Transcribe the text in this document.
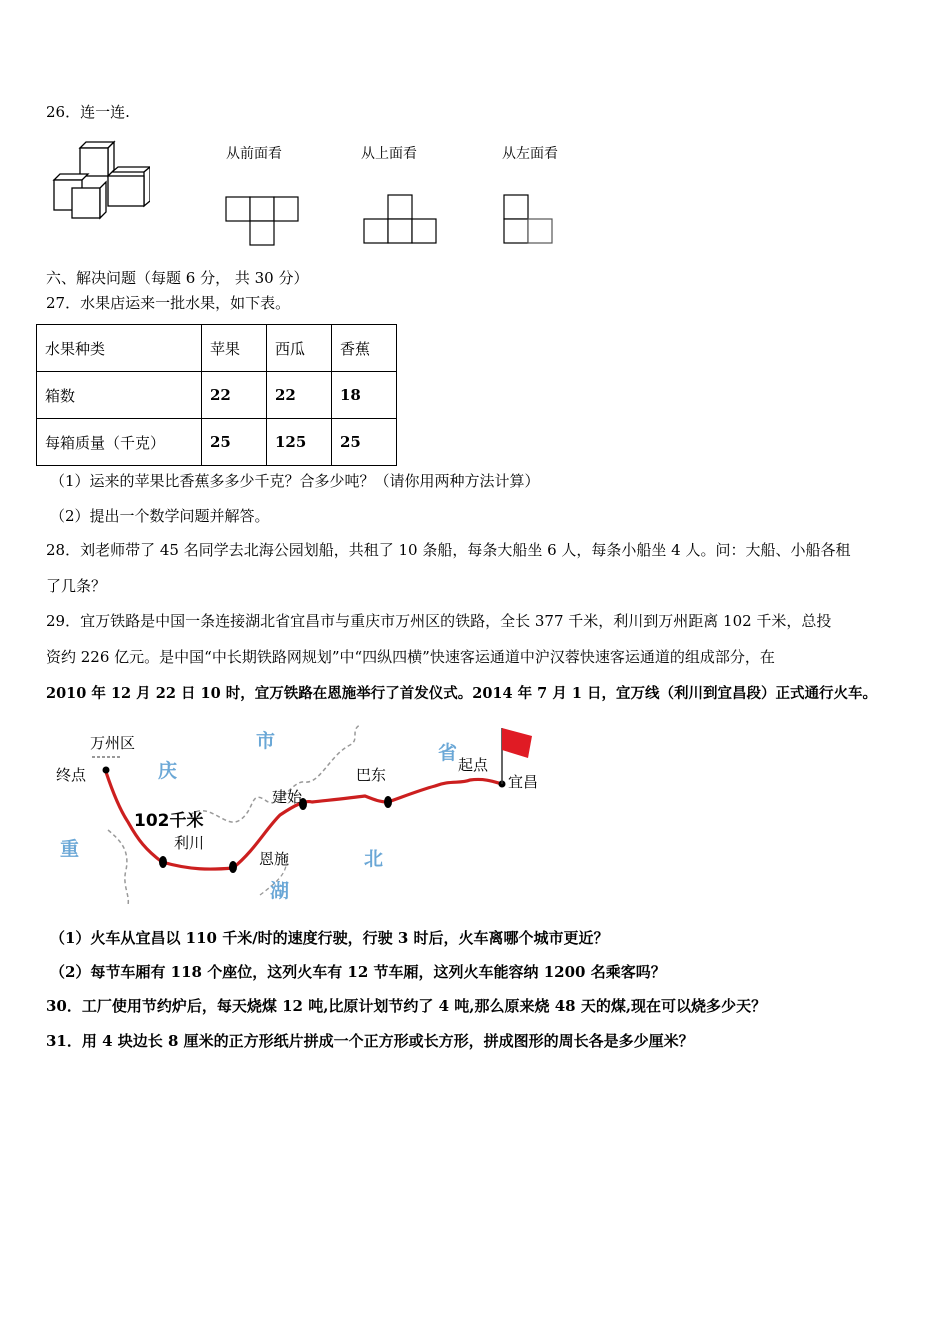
26．连一连.
从前面看	从上面看	从左面看
六、解决问题（每题 6 分， 共 30 分）
27．水果店运来一批水果，如下表。
水果种类	苹果	西瓜	香蕉
箱数	22	22	18
每箱质量（千克）	25	125	25
（1）运来的苹果比香蕉多多少千克？合多少吨？（请你用两种方法计算）
（2）提出一个数学问题并解答。
28．刘老师带了 45 名同学去北海公园划船，共租了 10 条船，每条大船坐 6 人，每条小船坐 4 人。问：大船、小船各租
了几条？
29．宜万铁路是中国一条连接湖北省宜昌市与重庆市万州区的铁路，全长 377 千米，利川到万州距离 102 千米，总投
资约 226 亿元。是中国“中长期铁路网规划”中“四纵四横”快速客运通道中沪汉蓉快速客运通道的组成部分，在
2010 年 12 月 22 日 10 时，宜万铁路在恩施举行了首发仪式。2014 年 7 月 1 日，宜万线（利川到宜昌段）正式通行火车。
万州区
终点	庆
市
省
起点
宜昌
巴东
建始
102千米
利川
恩施	北
湖
重
（1）火车从宜昌以 110 千米/时的速度行驶，行驶 3 时后，火车离哪个城市更近？
（2）每节车厢有 118 个座位，这列火车有 12 节车厢，这列火车能容纳 1200 名乘客吗？
30．工厂使用节约炉后，每天烧煤 12 吨,比原计划节约了 4 吨,那么原来烧 48 天的煤,现在可以烧多少天？
31．用 4 块边长 8 厘米的正方形纸片拼成一个正方形或长方形，拼成图形的周长各是多少厘米？
